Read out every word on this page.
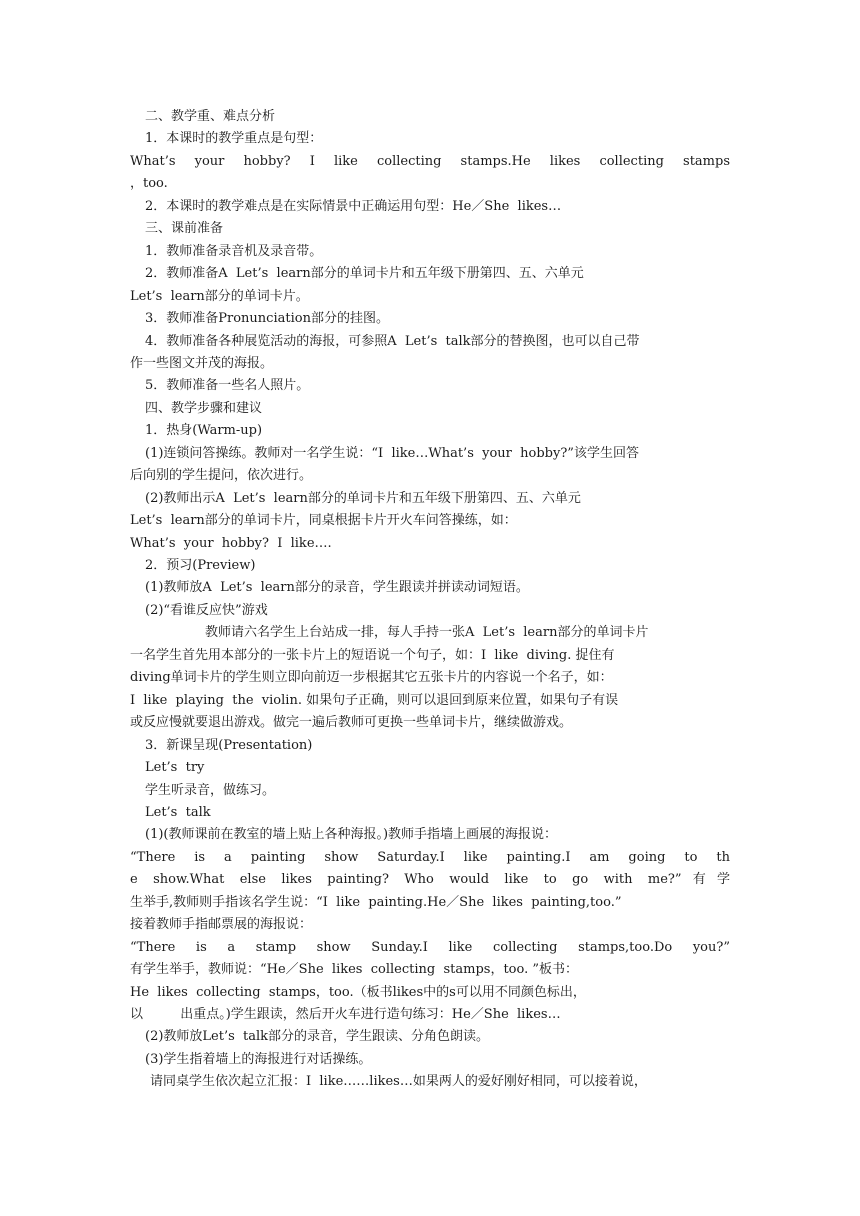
二、教学重、难点分析
1．本课时的教学重点是句型：
What’s your hobby? I like collecting stamps.He likes collecting stamps
，too.
2．本课时的教学难点是在实际情景中正确运用句型：He／She  likes…
三、课前准备
1．教师准备录音机及录音带。
2．教师准备A  Let’s  learn部分的单词卡片和五年级下册第四、五、六单元
Let’s  learn部分的单词卡片。
3．教师准备Pronunciation部分的挂图。
4．教师准备各种展览活动的海报，可参照A  Let’s  talk部分的替换图，也可以自己带
作一些图文并茂的海报。
5．教师准备一些名人照片。
四、教学步骤和建议
1．热身(Warm-up)
(1)连锁问答操练。教师对一名学生说：“I  like…What’s  your  hobby?”该学生回答
后向别的学生提问，依次进行。
(2)教师出示A  Let’s  learn部分的单词卡片和五年级下册第四、五、六单元
Let’s  learn部分的单词卡片，同桌根据卡片开火车问答操练，如：
What’s  your  hobby?  I  like….
2．预习(Preview)
(1)教师放A  Let’s  learn部分的录音，学生跟读并拼读动词短语。
(2)“看谁反应快”游戏
教师请六名学生上台站成一排，每人手持一张A  Let’s  learn部分的单词卡片
一名学生首先用本部分的一张卡片上的短语说一个句子，如：I  like  diving. 捉住有
diving单词卡片的学生则立即向前迈一步根据其它五张卡片的内容说一个名子，如：
I  like  playing  the  violin. 如果句子正确，则可以退回到原来位置，如果句子有误
或反应慢就要退出游戏。做完一遍后教师可更换一些单词卡片，继续做游戏。
3．新课呈现(Presentation)
Let’s  try
学生听录音，做练习。
Let’s  talk
(1)(教师课前在教室的墙上贴上各种海报。)教师手指墙上画展的海报说：
“There is a painting show Saturday.I like painting.I am going to th
e show.What else likes painting? Who would like to go with me?”有学
生举手,教师则手指该名学生说：“I  like  painting.He／She  likes  painting,too.”
接着教师手指邮票展的海报说：
“There is a stamp show Sunday.I like collecting stamps,too.Do you?”
有学生举手，教师说：“He／She  likes  collecting  stamps，too. ”板书：
He  likes  collecting  stamps，too.（板书likes中的s可以用不同颜色标出，
以         出重点。)学生跟读，然后开火车进行造句练习：He／She  likes…
(2)教师放Let’s  talk部分的录音，学生跟读、分角色朗读。
(3)学生指着墙上的海报进行对话操练。
请同桌学生依次起立汇报：I  like……likes…如果两人的爱好刚好相同，可以接着说，
